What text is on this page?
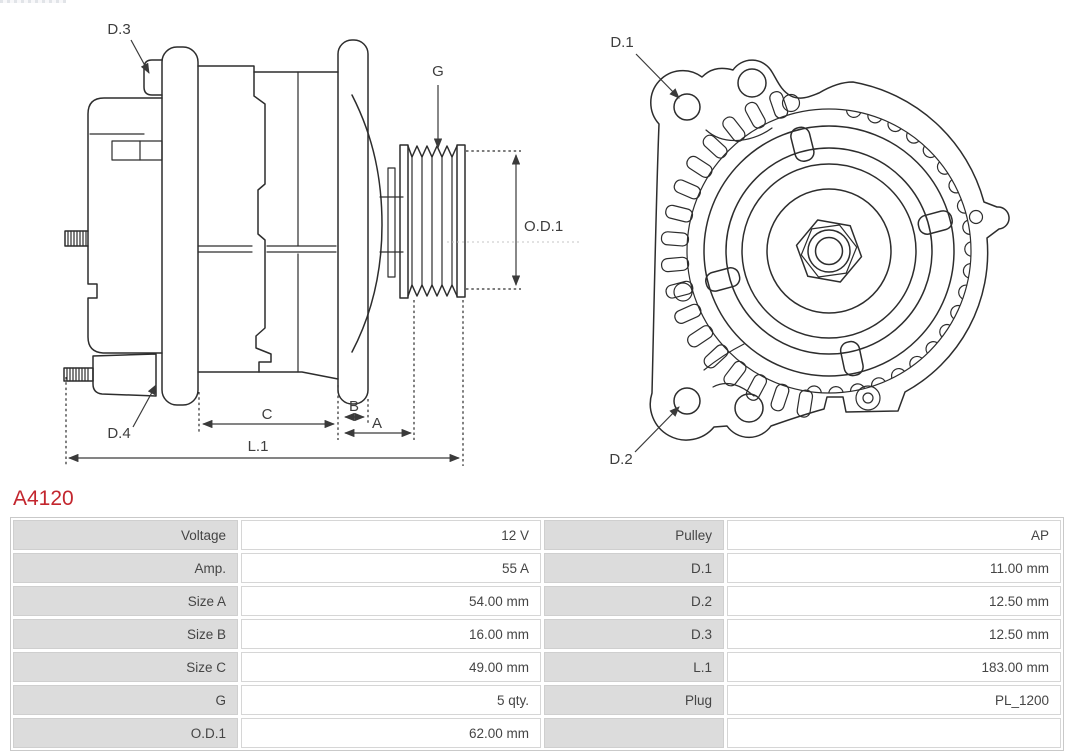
D.3
D.4
G
O.D.1
C	B
A
L.1
D.1
D.2
A4120
Voltage	12 V	Pulley	AP
Amp.	55 A	D.1	11.00 mm
Size A	54.00 mm	D.2	12.50 mm
Size B	16.00 mm	D.3	12.50 mm
Size C	49.00 mm	L.1	183.00 mm
G	5 qty.	Plug	PL_1200
O.D.1	62.00 mm
